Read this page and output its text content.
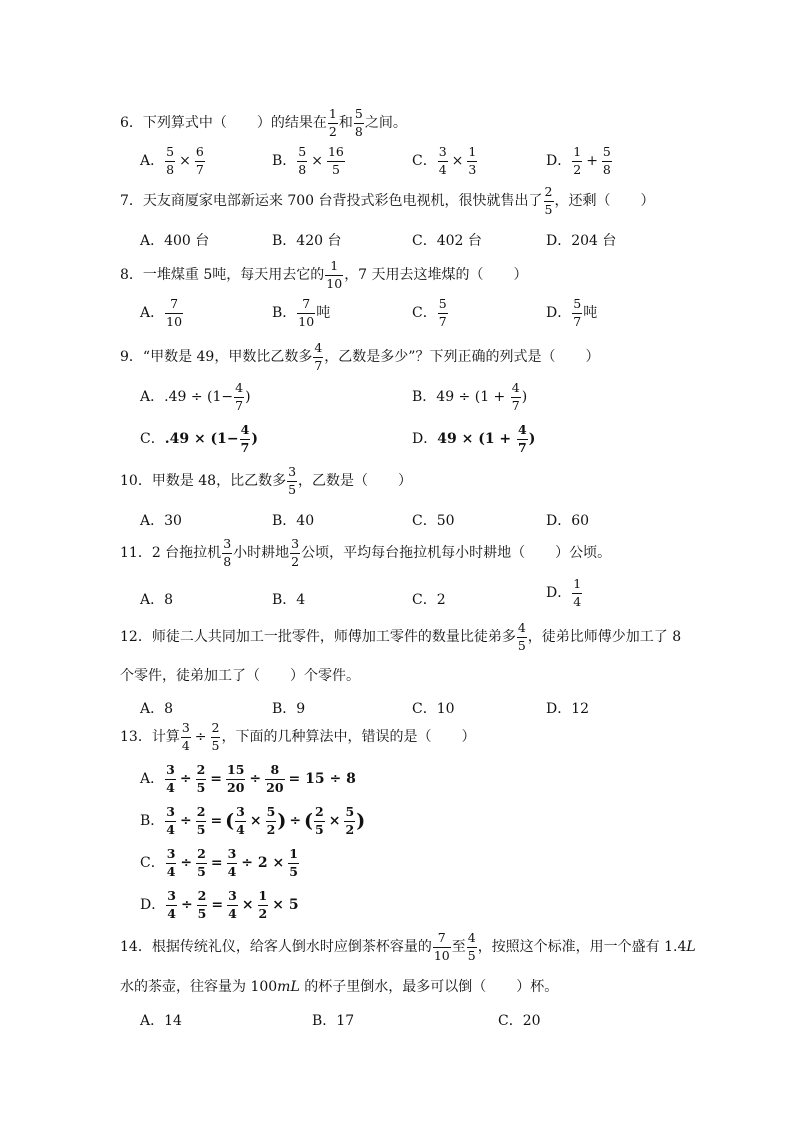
6．下列算式中（ ）的结果在 $\frac{1}{2}$ 和 $\frac{5}{8}$ 之间。
A． $\frac{5}{8} \times \frac{6}{7}$	B． $\frac{5}{8} \times \frac{16}{5}$	C． $\frac{3}{4} \times \frac{1}{3}$	D． $\frac{1}{2} + \frac{5}{8}$
7．天友商厦家电部新运来 700 台背投式彩色电视机，很快就售出了 $\frac{2}{5}$ ，还剩（ ）
A．400 台	B．420 台	C．402 台	D．204 台
8．一堆煤重 5吨，每天用去它的 $\frac{1}{10}$ ，7 天用去这堆煤的（ ）
A． $\frac{7}{10}$	B． $\frac{7}{10}$ 吨	C． $\frac{5}{7}$	D． $\frac{5}{7}$ 吨
9．“甲数是 49，甲数比乙数多 $\frac{4}{7}$ ，乙数是多少”？下列正确的列式是（ ）
A．$.49 \div (1- \frac{4}{7}$ )	B．$49 \div (1 + \frac{4}{7}$ )
C．$.49 \times (1- \frac{4}{7}$ )	D．$49 \times (1 + \frac{4}{7}$ )
10．甲数是 48，比乙数多 $\frac{3}{5}$ ，乙数是（ ）
A．30	B．40	C．50	D．60
11．2 台拖拉机 $\frac{3}{8}$ 小时耕地 $\frac{3}{2}$ 公顷，平均每台拖拉机每小时耕地（ ）公顷。
A．8	B．4	C．2	D． $\frac{1}{4}$
12．师徒二人共同加工一批零件，师傅加工零件的数量比徒弟多 $\frac{4}{5}$ ，徒弟比师傅少加工了 8
个零件，徒弟加工了（ ）个零件。
A．8	B．9	C．10	D．12
13．计算 $\frac{3}{4} \div \frac{2}{5}$ ，下面的几种算法中，错误的是（ ）
A． $\frac{3}{4} \div \frac{2}{5} = \frac{15}{20} \div \frac{8}{20} = 15 \div 8$
B． $\frac{3}{4} \div \frac{2}{5}$ = ( $\frac{3}{4} \times \frac{5}{2}$ ) ÷ ( $\frac{2}{5} \times \frac{5}{2}$ )
C． $\frac{3}{4} \div \frac{2}{5} = \frac{3}{4} \div 2 \times \frac{1}{5}$
D． $\frac{3}{4} \div \frac{2}{5} = \frac{3}{4} \times \frac{1}{2} \times 5$
14．根据传统礼仪，给客人倒水时应倒茶杯容量的 $\frac{7}{10}$ 至 $\frac{4}{5}$ ，按照这个标准，用一个盛有 1.4L
水的茶壶，往容量为 100mL 的杯子里倒水，最多可以倒（ ）杯。
A．14	B．17	C．20
